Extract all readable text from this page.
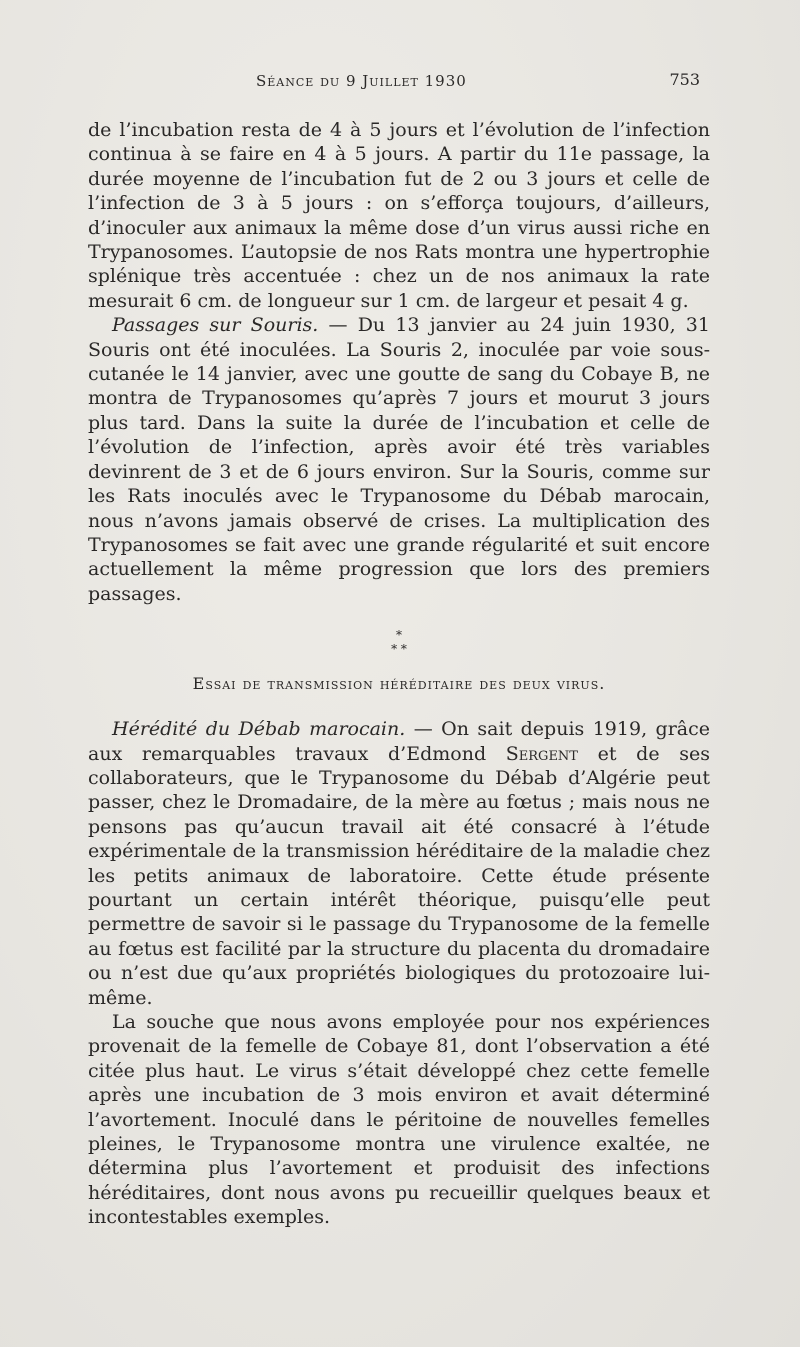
Séance du 9 Juillet 1930	753

de l’incubation resta de 4 à 5 jours et l’évolution de l’infection continua à se faire en 4 à 5 jours. A partir du 11e passage, la durée moyenne de l’incubation fut de 2 ou 3 jours et celle de l’infection de 3 à 5 jours : on s’efforça toujours, d’ailleurs, d’inoculer aux animaux la même dose d’un virus aussi riche en Trypanosomes. L’autopsie de nos Rats montra une hypertrophie splénique très accentuée : chez un de nos animaux la rate mesurait 6 cm. de longueur sur 1 cm. de largeur et pesait 4 g.

Passages sur Souris. — Du 13 janvier au 24 juin 1930, 31 Souris ont été inoculées. La Souris 2, inoculée par voie sous-cutanée le 14 janvier, avec une goutte de sang du Cobaye B, ne montra de Trypanosomes qu’après 7 jours et mourut 3 jours plus tard. Dans la suite la durée de l’incubation et celle de l’évolution de l’infection, après avoir été très variables devinrent de 3 et de 6 jours environ. Sur la Souris, comme sur les Rats inoculés avec le Trypanosome du Débab marocain, nous n’avons jamais observé de crises. La multiplication des Trypanosomes se fait avec une grande régularité et suit encore actuellement la même progression que lors des premiers passages.

*
* *
Essai de transmission héréditaire des deux virus.

Hérédité du Débab marocain. — On sait depuis 1919, grâce aux remarquables travaux d’Edmond Sergent et de ses collaborateurs, que le Trypanosome du Débab d’Algérie peut passer, chez le Dromadaire, de la mère au fœtus ; mais nous ne pensons pas qu’aucun travail ait été consacré à l’étude expérimentale de la transmission héréditaire de la maladie chez les petits animaux de laboratoire. Cette étude présente pourtant un certain intérêt théorique, puisqu’elle peut permettre de savoir si le passage du Trypanosome de la femelle au fœtus est facilité par la structure du placenta du dromadaire ou n’est due qu’aux propriétés biologiques du protozoaire lui-même.

La souche que nous avons employée pour nos expériences provenait de la femelle de Cobaye 81, dont l’observation a été citée plus haut. Le virus s’était développé chez cette femelle après une incubation de 3 mois environ et avait déterminé l’avortement. Inoculé dans le péritoine de nouvelles femelles pleines, le Trypanosome montra une virulence exaltée, ne détermina plus l’avortement et produisit des infections héréditaires, dont nous avons pu recueillir quelques beaux et incontestables exemples.
